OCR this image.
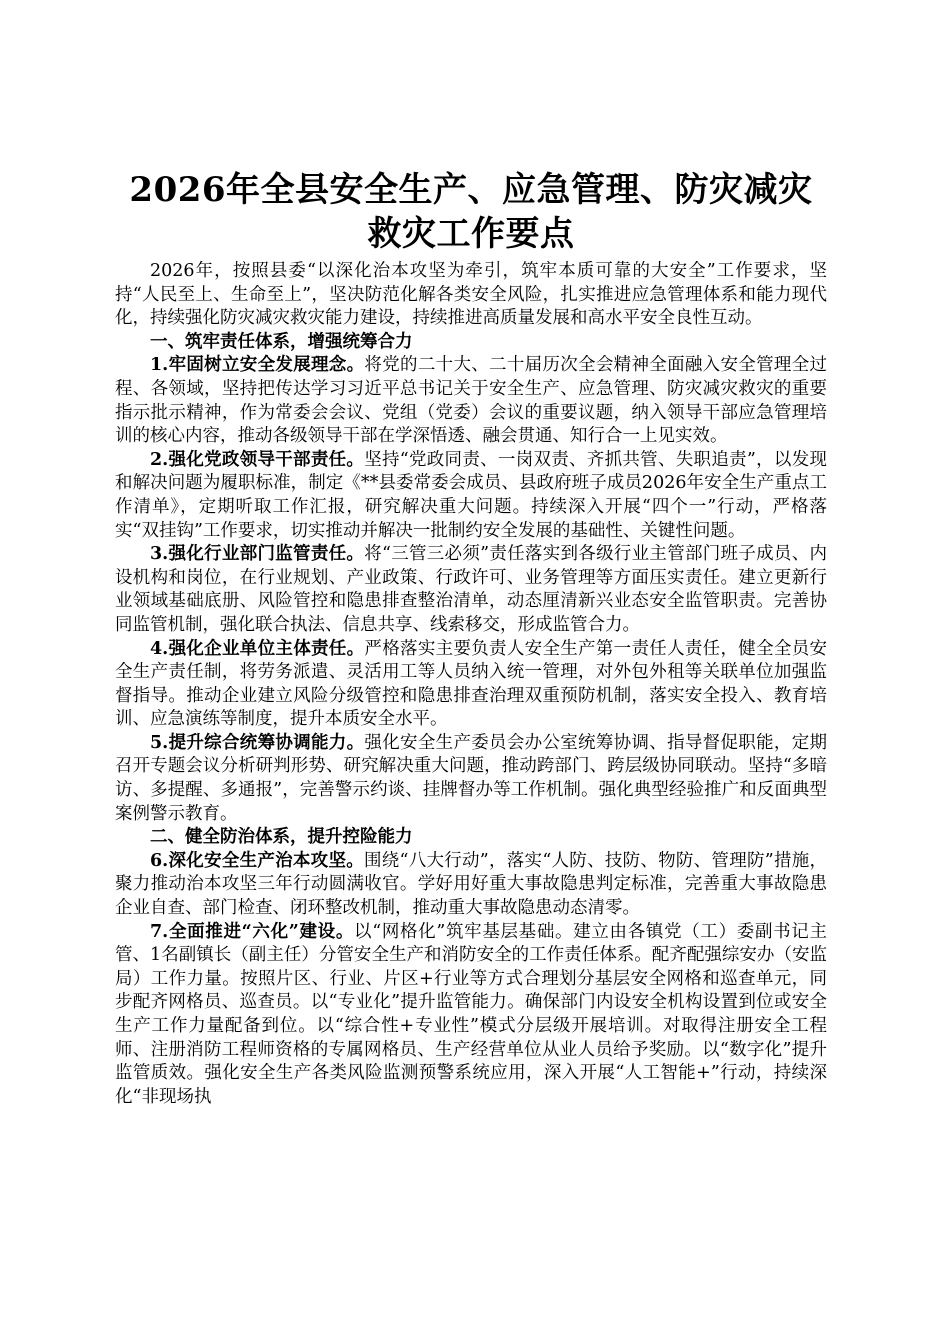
2026年全县安全生产、应急管理、防灾减灾
救灾工作要点

2026年，按照县委“以深化治本攻坚为牵引，筑牢本质可靠的大安全”工作要求，坚持“人民至上、生命至上”，坚决防范化解各类安全风险，扎实推进应急管理体系和能力现代化，持续强化防灾减灾救灾能力建设，持续推进高质量发展和高水平安全良性互动。

一、筑牢责任体系，增强统筹合力

1.牢固树立安全发展理念。将党的二十大、二十届历次全会精神全面融入安全管理全过程、各领域，坚持把传达学习习近平总书记关于安全生产、应急管理、防灾减灾救灾的重要指示批示精神，作为常委会会议、党组（党委）会议的重要议题，纳入领导干部应急管理培训的核心内容，推动各级领导干部在学深悟透、融会贯通、知行合一上见实效。

2.强化党政领导干部责任。坚持“党政同责、一岗双责、齐抓共管、失职追责”，以发现和解决问题为履职标准，制定《**县委常委会成员、县政府班子成员2026年安全生产重点工作清单》，定期听取工作汇报，研究解决重大问题。持续深入开展“四个一”行动，严格落实“双挂钩”工作要求，切实推动并解决一批制约安全发展的基础性、关键性问题。

3.强化行业部门监管责任。将“三管三必须”责任落实到各级行业主管部门班子成员、内设机构和岗位，在行业规划、产业政策、行政许可、业务管理等方面压实责任。建立更新行业领域基础底册、风险管控和隐患排查整治清单，动态厘清新兴业态安全监管职责。完善协同监管机制，强化联合执法、信息共享、线索移交，形成监管合力。

4.强化企业单位主体责任。严格落实主要负责人安全生产第一责任人责任，健全全员安全生产责任制，将劳务派遣、灵活用工等人员纳入统一管理，对外包外租等关联单位加强监督指导。推动企业建立风险分级管控和隐患排查治理双重预防机制，落实安全投入、教育培训、应急演练等制度，提升本质安全水平。

5.提升综合统筹协调能力。强化安全生产委员会办公室统筹协调、指导督促职能，定期召开专题会议分析研判形势、研究解决重大问题，推动跨部门、跨层级协同联动。坚持“多暗访、多提醒、多通报”，完善警示约谈、挂牌督办等工作机制。强化典型经验推广和反面典型案例警示教育。

二、健全防治体系，提升控险能力

6.深化安全生产治本攻坚。围绕“八大行动”，落实“人防、技防、物防、管理防”措施，聚力推动治本攻坚三年行动圆满收官。学好用好重大事故隐患判定标准，完善重大事故隐患企业自查、部门检查、闭环整改机制，推动重大事故隐患动态清零。

7.全面推进“六化”建设。以“网格化”筑牢基层基础。建立由各镇党（工）委副书记主管、1名副镇长（副主任）分管安全生产和消防安全的工作责任体系。配齐配强综安办（安监局）工作力量。按照片区、行业、片区+行业等方式合理划分基层安全网格和巡查单元，同步配齐网格员、巡查员。以“专业化”提升监管能力。确保部门内设安全机构设置到位或安全生产工作力量配备到位。以“综合性+专业性”模式分层级开展培训。对取得注册安全工程师、注册消防工程师资格的专属网格员、生产经营单位从业人员给予奖励。以“数字化”提升监管质效。强化安全生产各类风险监测预警系统应用，深入开展“人工智能+”行动，持续深化“非现场执
